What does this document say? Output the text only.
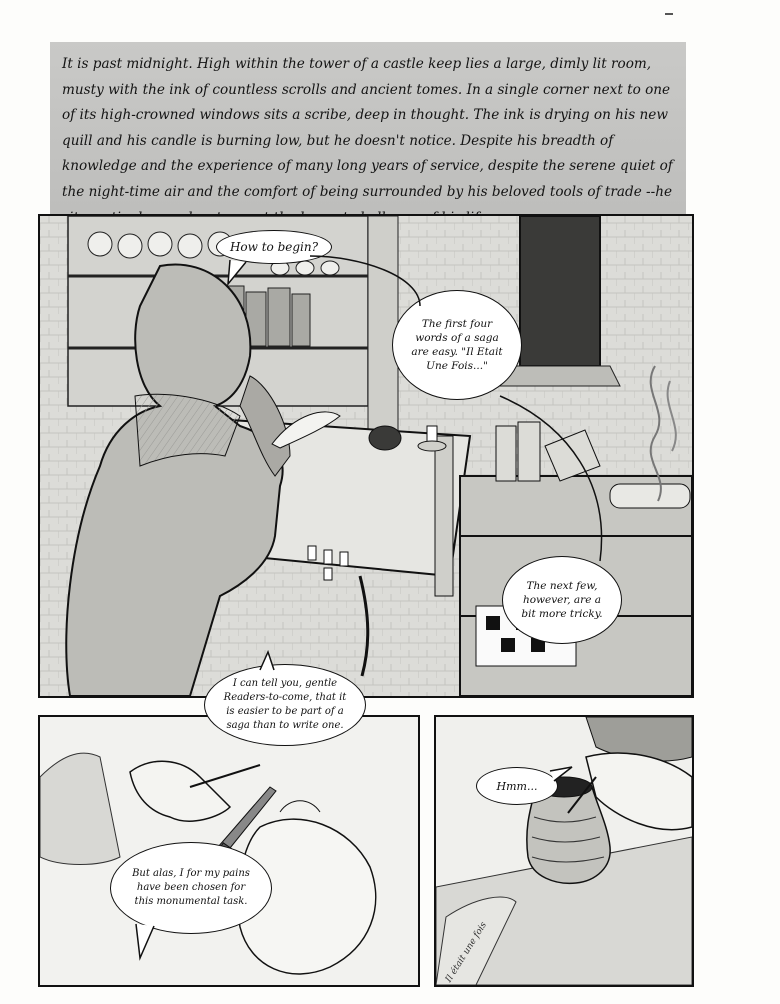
It is past midnight. High within the tower of a castle keep lies a large, dimly lit room, musty with the ink of countless scrolls and ancient tomes. In a single corner next to one of its high-crowned windows sits a scribe, deep in thought. The ink is drying on his new quill and his candle is burning low, but he doesn't notice. Despite his breadth of knowledge and the experience of many long years of service, despite the serene quiet of the night-time air and the comfort of being surrounded by his beloved tools of trade --he
How to begin?
The first four words of a saga are easy. "Il Etait Une Fois..."
The next few, however, are a bit more tricky.
I can tell you, gentle Readers-to-come, that it is easier to be part of a saga than to write one.
But alas, I for my pains have been chosen for this monumental task.
Hmm...
Il était une fois
